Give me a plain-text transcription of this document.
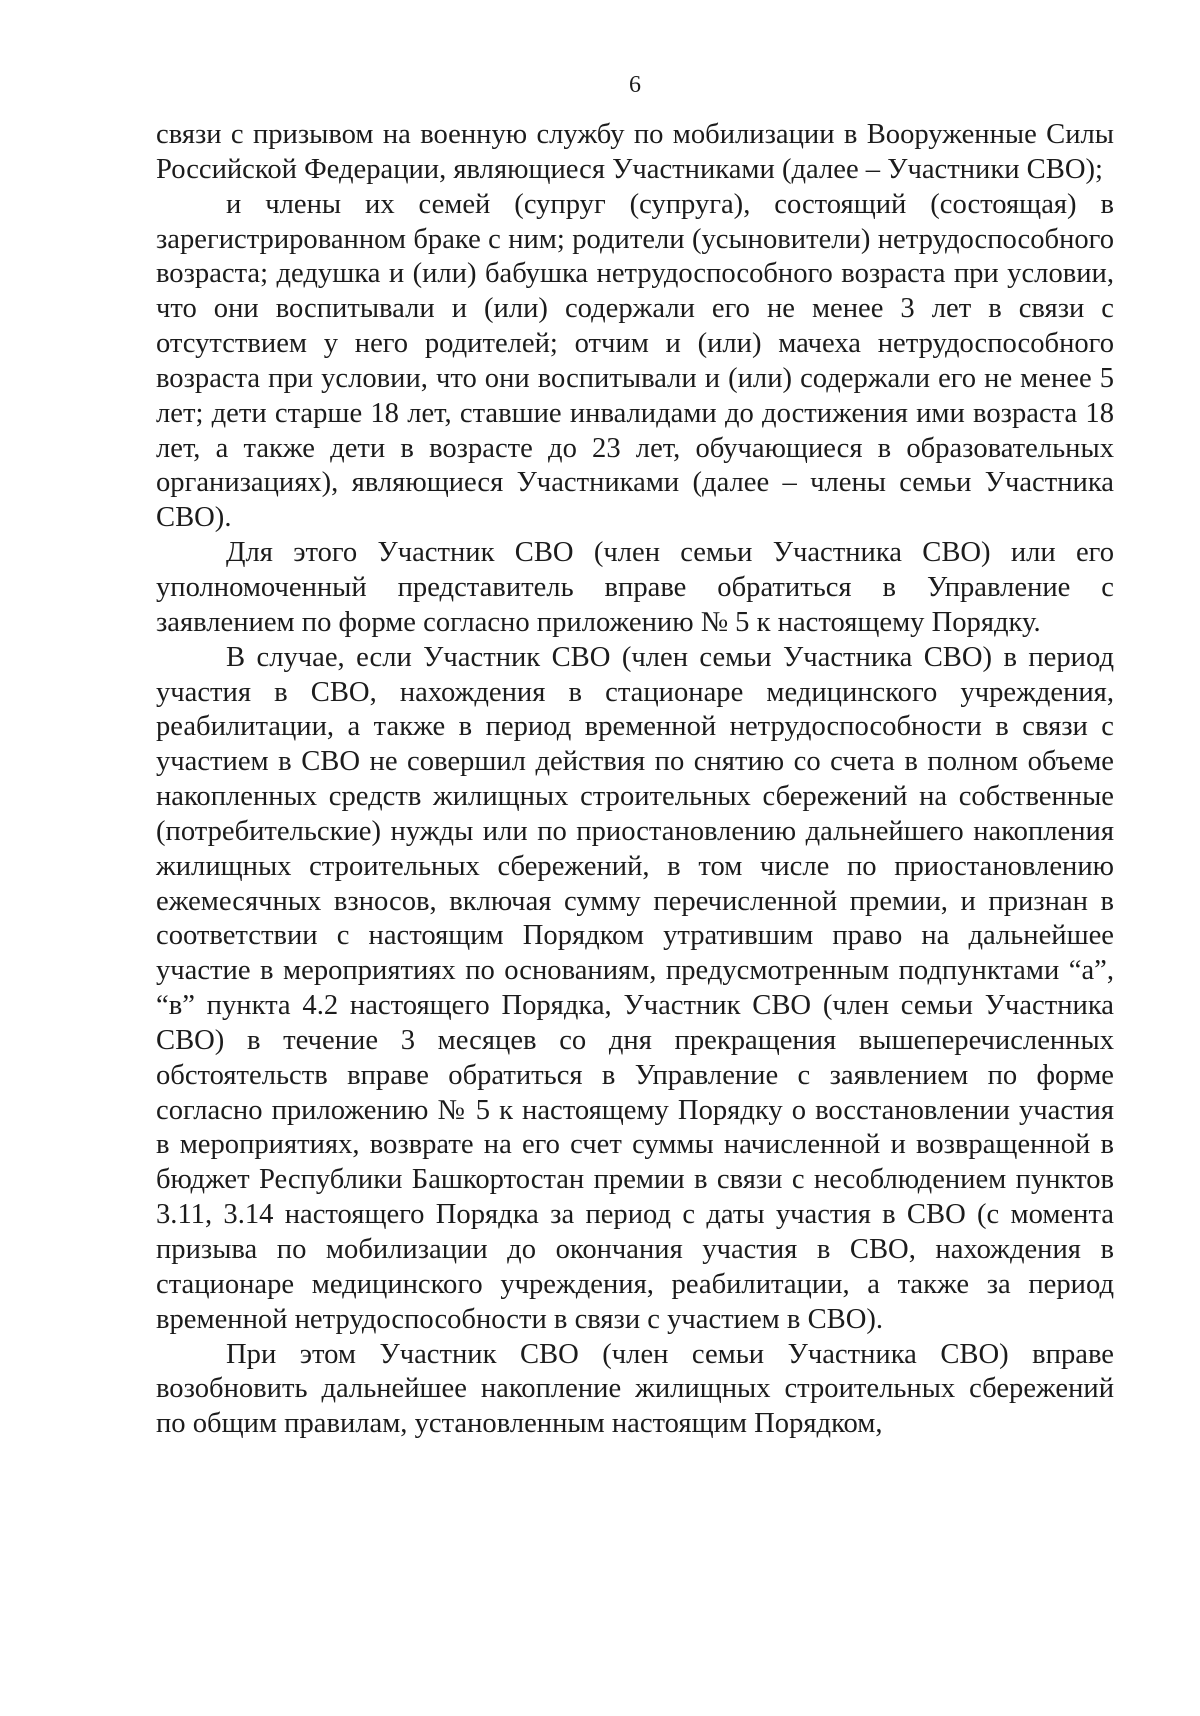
6

связи с призывом на военную службу по мобилизации в Вооруженные Силы Российской Федерации, являющиеся Участниками (далее – Участники СВО);

и члены их семей (супруг (супруга), состоящий (состоящая) в зарегистрированном браке с ним; родители (усыновители) нетрудоспособного возраста; дедушка и (или) бабушка нетрудоспособного возраста при условии, что они воспитывали и (или) содержали его не менее 3 лет в связи с отсутствием у него родителей; отчим и (или) мачеха нетрудоспособного возраста при условии, что они воспитывали и (или) содержали его не менее 5 лет; дети старше 18 лет, ставшие инвалидами до достижения ими возраста 18 лет, а также дети в возрасте до 23 лет, обучающиеся в образовательных организациях), являющиеся Участниками (далее – члены семьи Участника СВО).

Для этого Участник СВО (член семьи Участника СВО) или его уполномоченный представитель вправе обратиться в Управление с заявлением по форме согласно приложению № 5 к настоящему Порядку.

В случае, если Участник СВО (член семьи Участника СВО) в период участия в СВО, нахождения в стационаре медицинского учреждения, реабилитации, а также в период временной нетрудоспособности в связи с участием в СВО не совершил действия по снятию со счета в полном объеме накопленных средств жилищных строительных сбережений на собственные (потребительские) нужды или по приостановлению дальнейшего накопления жилищных строительных сбережений, в том числе по приостановлению ежемесячных взносов, включая сумму перечисленной премии, и признан в соответствии с настоящим Порядком утратившим право на дальнейшее участие в мероприятиях по основаниям, предусмотренным подпунктами “а”, “в” пункта 4.2 настоящего Порядка, Участник СВО (член семьи Участника СВО) в течение 3 месяцев со дня прекращения вышеперечисленных обстоятельств вправе обратиться в Управление с заявлением по форме согласно приложению № 5 к настоящему Порядку о восстановлении участия в мероприятиях, возврате на его счет суммы начисленной и возвращенной в бюджет Республики Башкортостан премии в связи с несоблюдением пунктов 3.11, 3.14 настоящего Порядка за период с даты участия в СВО (с момента призыва по мобилизации до окончания участия в СВО, нахождения в стационаре медицинского учреждения, реабилитации, а также за период временной нетрудоспособности в связи с участием в СВО).

При этом Участник СВО (член семьи Участника СВО) вправе возобновить дальнейшее накопление жилищных строительных сбережений по общим правилам, установленным настоящим Порядком,
